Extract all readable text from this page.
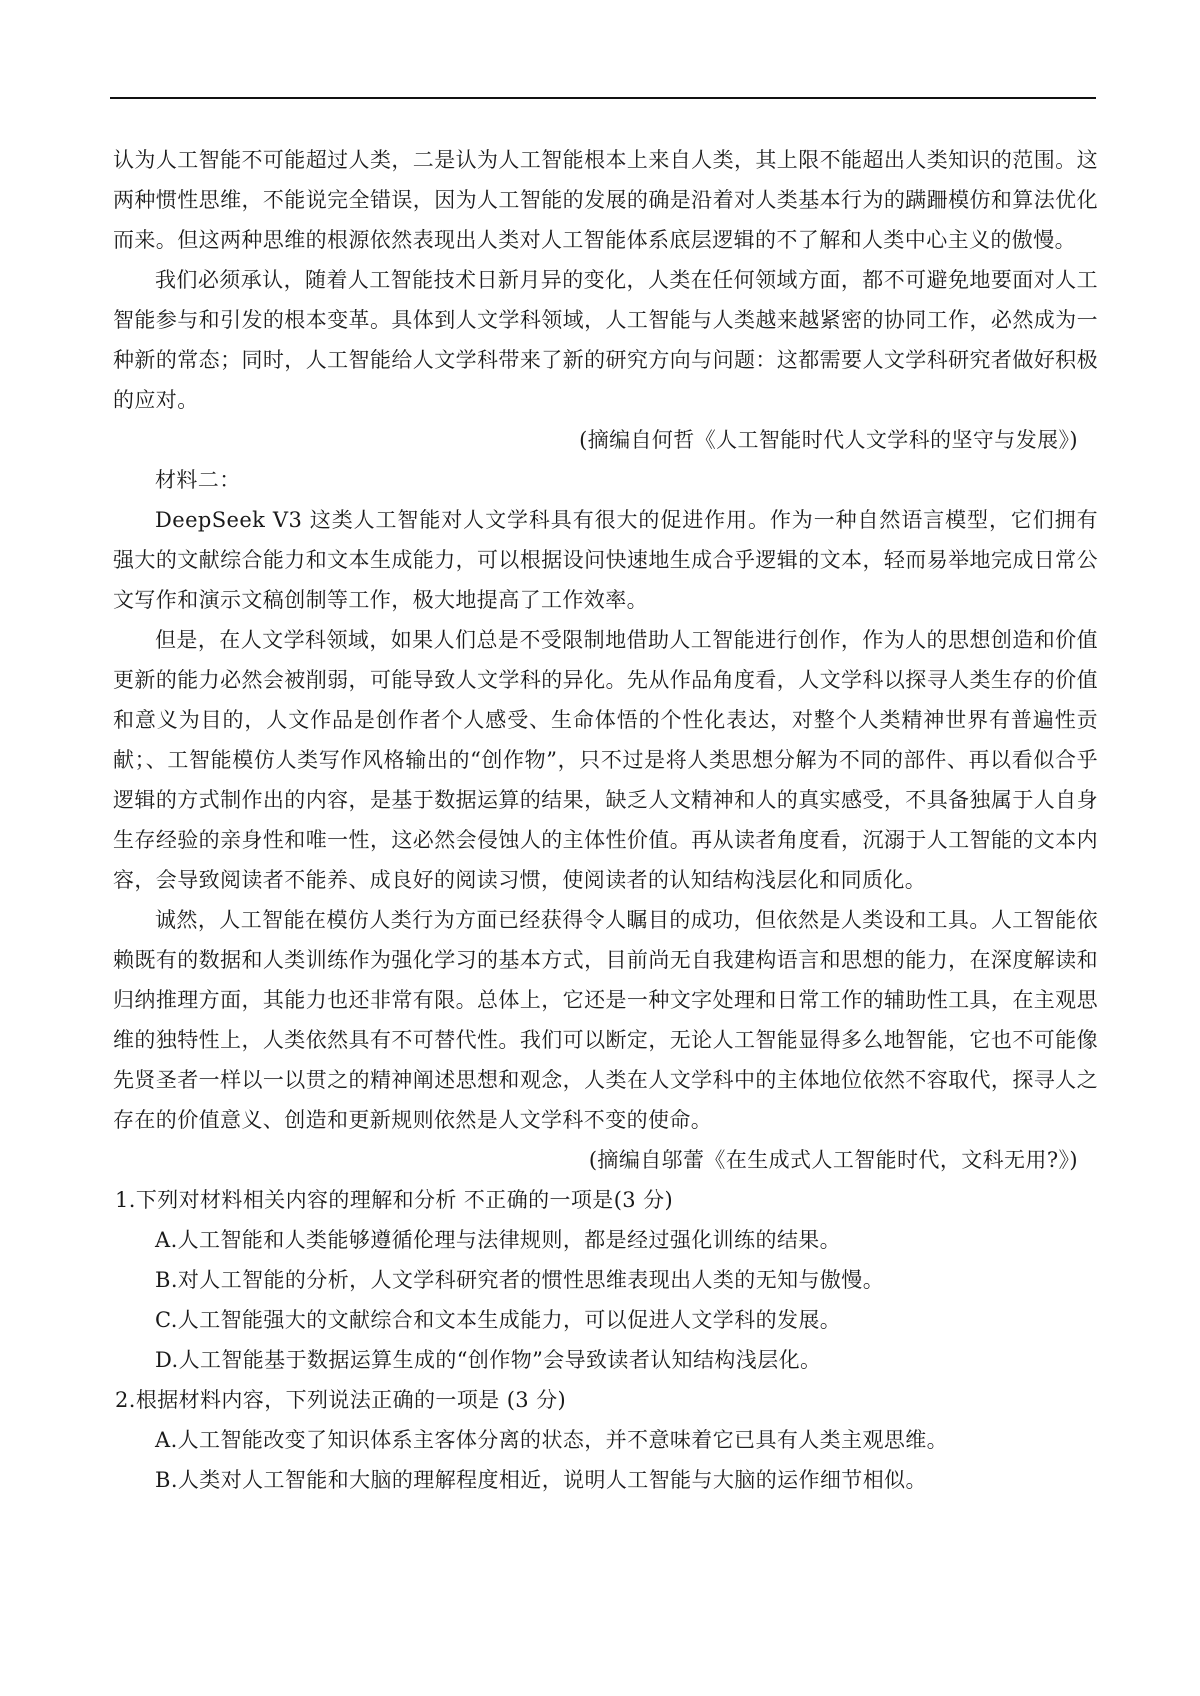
认为人工智能不可能超过人类，二是认为人工智能根本上来自人类，其上限不能超出人类知识的范围。这两种惯性思维，不能说完全错误，因为人工智能的发展的确是沿着对人类基本行为的蹒跚模仿和算法优化而来。但这两种思维的根源依然表现出人类对人工智能体系底层逻辑的不了解和人类中心主义的傲慢。

我们必须承认，随着人工智能技术日新月异的变化，人类在任何领域方面，都不可避免地要面对人工智能参与和引发的根本变革。具体到人文学科领域，人工智能与人类越来越紧密的协同工作，必然成为一种新的常态；同时，人工智能给人文学科带来了新的研究方向与问题：这都需要人文学科研究者做好积极的应对。

(摘编自何哲《人工智能时代人文学科的坚守与发展》)

材料二：

DeepSeek V3 这类人工智能对人文学科具有很大的促进作用。作为一种自然语言模型，它们拥有强大的文献综合能力和文本生成能力，可以根据设问快速地生成合乎逻辑的文本，轻而易举地完成日常公文写作和演示文稿创制等工作，极大地提高了工作效率。

但是，在人文学科领域，如果人们总是不受限制地借助人工智能进行创作，作为人的思想创造和价值更新的能力必然会被削弱，可能导致人文学科的异化。先从作品角度看，人文学科以探寻人类生存的价值和意义为目的，人文作品是创作者个人感受、生命体悟的个性化表达，对整个人类精神世界有普遍性贡献；、工智能模仿人类写作风格输出的“创作物”，只不过是将人类思想分解为不同的部件、再以看似合乎逻辑的方式制作出的内容，是基于数据运算的结果，缺乏人文精神和人的真实感受，不具备独属于人自身生存经验的亲身性和唯一性，这必然会侵蚀人的主体性价值。再从读者角度看，沉溺于人工智能的文本内容，会导致阅读者不能养、成良好的阅读习惯，使阅读者的认知结构浅层化和同质化。

诚然，人工智能在模仿人类行为方面已经获得令人瞩目的成功，但依然是人类设和工具。人工智能依赖既有的数据和人类训练作为强化学习的基本方式，目前尚无自我建构语言和思想的能力，在深度解读和归纳推理方面，其能力也还非常有限。总体上，它还是一种文字处理和日常工作的辅助性工具，在主观思维的独特性上，人类依然具有不可替代性。我们可以断定，无论人工智能显得多么地智能，它也不可能像先贤圣者一样以一以贯之的精神阐述思想和观念，人类在人文学科中的主体地位依然不容取代，探寻人之存在的价值意义、创造和更新规则依然是人文学科不变的使命。

(摘编自邬蕾《在生成式人工智能时代，文科无用?》)

1.下列对材料相关内容的理解和分析 不正确的一项是(3 分)

A.人工智能和人类能够遵循伦理与法律规则，都是经过强化训练的结果。

B.对人工智能的分析，人文学科研究者的惯性思维表现出人类的无知与傲慢。

C.人工智能强大的文献综合和文本生成能力，可以促进人文学科的发展。

D.人工智能基于数据运算生成的“创作物”会导致读者认知结构浅层化。

2.根据材料内容，下列说法正确的一项是 (3 分)

A.人工智能改变了知识体系主客体分离的状态，并不意味着它已具有人类主观思维。

B.人类对人工智能和大脑的理解程度相近，说明人工智能与大脑的运作细节相似。
